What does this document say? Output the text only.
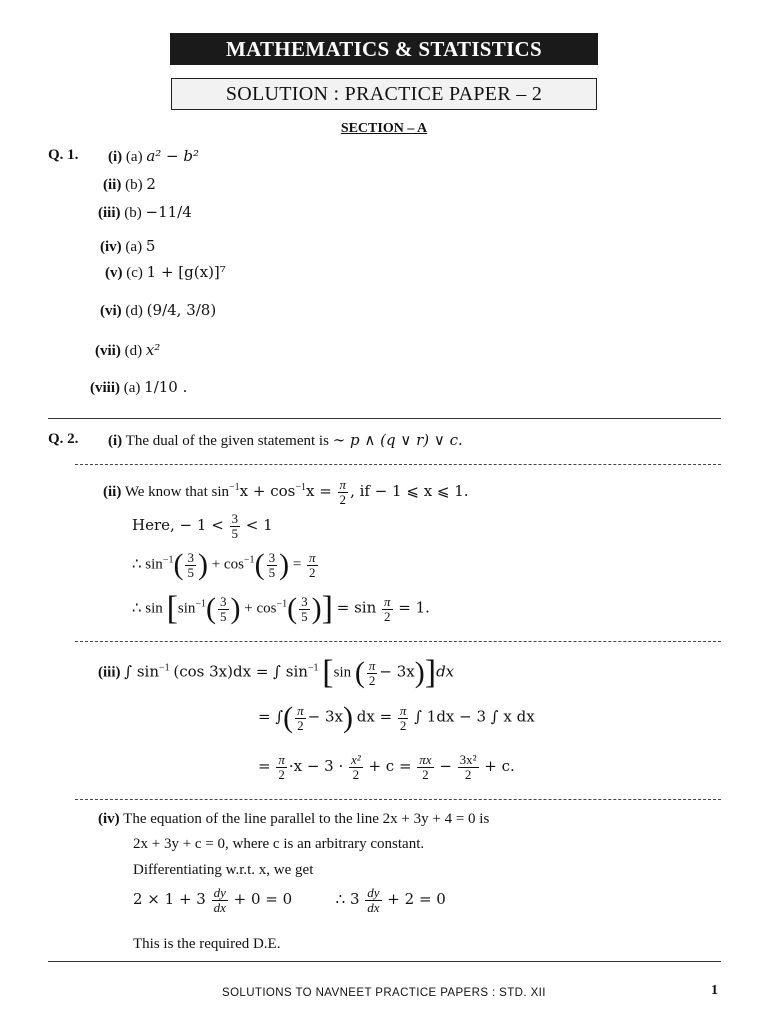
MATHEMATICS & STATISTICS
SOLUTION : PRACTICE PAPER – 2
SECTION – A
Q. 1. (i) (a) a² − b²
(ii) (b) 2
(iii) (b) −11/4
(iv) (a) 5
(v) (c) 1 + [g(x)]⁷
(vi) (d) (9/4, 3/8)
(vii) (d) x²
(viii) (a) 1/10 .
Q. 2. (i) The dual of the given statement is ∼ p ∧ (q ∨ r) ∨ c.
(ii) We know that $\sin^{-1}x + \cos^{-1}x = \frac{\pi}{2}$ , if − 1 ⩽ x ⩽ 1.
Here, − $1 < \frac{3}{5} < 1$
∴ $\sin^{-1}( \frac{3}{5}$ ) + $\cos^{-1}( \frac{3}{5}$ ) = $\frac{\pi}{2}$
∴ $\sin [\sin^{-1}( \frac{3}{5}$ ) + $\cos^{-1}( \frac{3}{5}$ )] = $\sin \frac{\pi}{2} = 1$.
(iii) ∫ $\sin^{-1} (\cos$ 3x)dx = ∫ $\sin^{-1} [\sin$ ( $\frac{\pi}{2} - 3x)]dx$
= ∫( $\frac{\pi}{2} - 3x$) dx = $\frac{\pi}{2}$ ∫ 1dx − 3 ∫ x dx
= $\frac{\pi}{2} \cdot x - 3 \cdot \frac{\text{x²}}{2} + c = \frac{\pi x}{2} - \frac{\text{3x²}}{2} + c$.
(iv) The equation of the line parallel to the line 2x + 3y + 4 = 0 is
2x + 3y + c = 0, where c is an arbitrary constant.
Differentiating w.r.t. x, we get
$2 \times 1 + 3 \frac{dy}{dx} + 0 = 0$	∴ $3 \frac{dy}{dx} + 2 = 0$
This is the required D.E.
SOLUTIONS TO NAVNEET PRACTICE PAPERS : STD. XII	1
